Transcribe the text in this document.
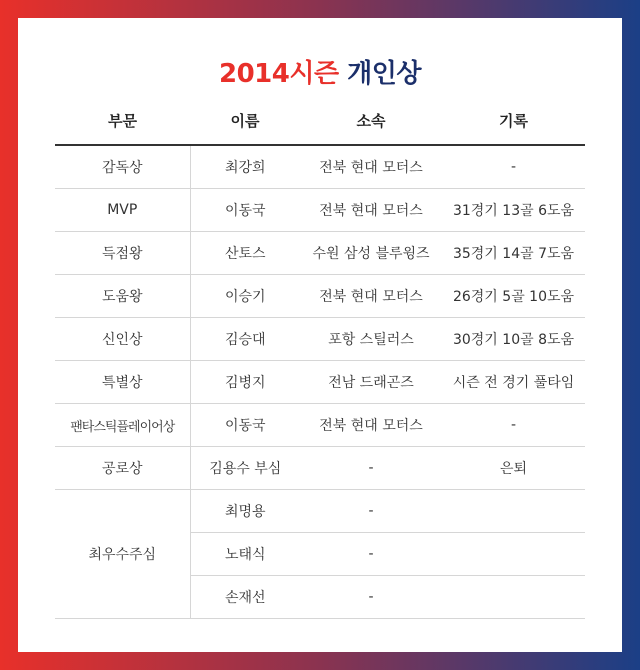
2014시즌 개인상
부문	이름	소속	기록
감독상	최강희	전북 현대 모터스	-
MVP	이동국	전북 현대 모터스	31경기 13골 6도움
득점왕	산토스	수원 삼성 블루윙즈	35경기 14골 7도움
도움왕	이승기	전북 현대 모터스	26경기 5골 10도움
신인상	김승대	포항 스틸러스	30경기 10골 8도움
특별상	김병지	전남 드래곤즈	시즌 전 경기 풀타임
팬타스틱플레이어상	이동국	전북 현대 모터스	-
공로상	김용수 부심	-	은퇴
최우수주심	최명용	-	
	노태식	-	
	손재선	-	
